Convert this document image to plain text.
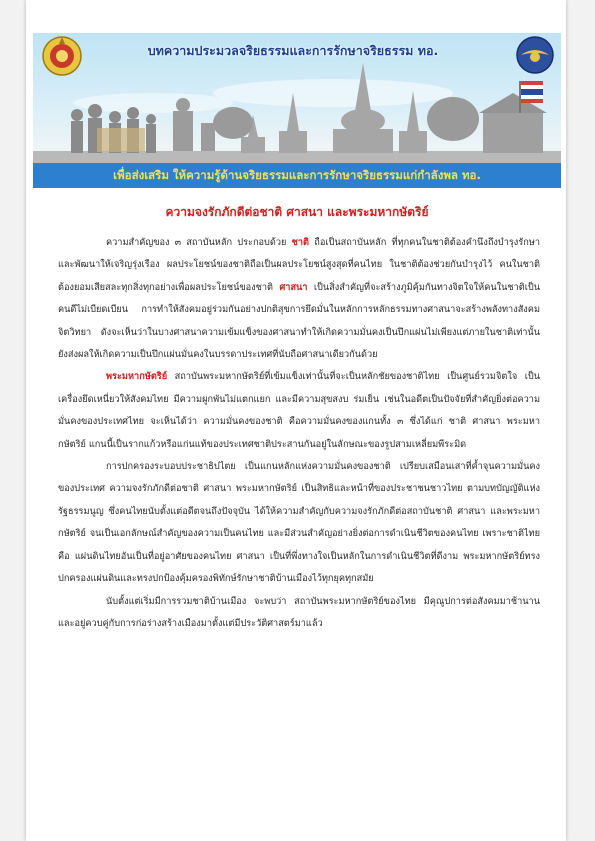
บทความประมวลจริยธรรมและการรักษาจริยธรรม ทอ.
เพื่อส่งเสริม ให้ความรู้ด้านจริยธรรมและการรักษาจริยธรรมแก่กำลังพล ทอ.
ความจงรักภักดีต่อชาติ ศาสนา และพระมหากษัตริย์

ความสำคัญของ ๓ สถาบันหลัก ประกอบด้วย ชาติ ถือเป็นสถาบันหลัก ที่ทุกคนในชาติต้องคำนึงถึงบำรุงรักษาและพัฒนาให้เจริญรุ่งเรือง ผลประโยชน์ของชาติถือเป็นผลประโยชน์สูงสุดที่คนไทย ในชาติต้องช่วยกันบำรุงไว้ คนในชาติต้องยอมเสียสละทุกสิ่งทุกอย่างเพื่อผลประโยชน์ของชาติ ศาสนา เป็นสิ่งสำคัญที่จะสร้างภูมิคุ้มกันทางจิตใจให้คนในชาติเป็นคนดีไม่เบียดเบียน การทำให้สังคมอยู่ร่วมกันอย่างปกติสุขการยึดมั่นในหลักการหลักธรรมทางศาสนาจะสร้างพลังทางสังคมจิตวิทยา ดังจะเห็นว่าในบางศาสนาความเข้มแข็งของศาสนาทำให้เกิดความมั่นคงเป็นปึกแผ่นไม่เพียงแต่ภายในชาติเท่านั้น ยังส่งผลให้เกิดความเป็นปึกแผ่นมั่นคงในบรรดาประเทศที่นับถือศาสนาเดียวกันด้วย

พระมหากษัตริย์ สถาบันพระมหากษัตริย์ที่เข้มแข็งเท่านั้นที่จะเป็นหลักชัยของชาติไทย เป็นศูนย์รวมจิตใจ เป็นเครื่องยึดเหนี่ยวให้สังคมไทย มีความผูกพันไม่แตกแยก และมีความสุขสงบ ร่มเย็น เช่นในอดีตเป็นปัจจัยที่สำคัญยิ่งต่อความมั่นคงของประเทศไทย จะเห็นได้ว่า ความมั่นคงของชาติ คือความมั่นคงของแกนทั้ง ๓ ซึ่งได้แก่ ชาติ ศาสนา พระมหากษัตริย์ แกนนี้เป็นรากแก้วหรือแก่นแท้ของประเทศชาติประสานกันอยู่ในลักษณะของรูปสามเหลี่ยมพีระมิด

การปกครองระบอบประชาธิปไตย เป็นแกนหลักแห่งความมั่นคงของชาติ เปรียบเสมือนเสาที่ค้ำจุนความมั่นคงของประเทศ ความจงรักภักดีต่อชาติ ศาสนา พระมหากษัตริย์ เป็นสิทธิและหน้าที่ของประชาชนชาวไทย ตามบทบัญญัติแห่งรัฐธรรมนูญ ซึ่งคนไทยนับตั้งแต่อดีตจนถึงปัจจุบัน ได้ให้ความสำคัญกับความจงรักภักดีต่อสถาบันชาติ ศาสนา และพระมหากษัตริย์ จนเป็นเอกลักษณ์สำคัญของความเป็นคนไทย และมีส่วนสำคัญอย่างยิ่งต่อการดำเนินชีวิตของคนไทย เพราะชาติไทย คือ แผ่นดินไทยอันเป็นที่อยู่อาศัยของคนไทย ศาสนา เป็นที่พึ่งทางใจเป็นหลักในการดำเนินชีวิตที่ดีงาม พระมหากษัตริย์ทรงปกครองแผ่นดินและทรงปกป้องคุ้มครองพิทักษ์รักษาชาติบ้านเมืองไว้ทุกยุคทุกสมัย

นับตั้งแต่เริ่มมีการรวมชาติบ้านเมือง จะพบว่า สถาบันพระมหากษัตริย์ของไทย มีคุณูปการต่อสังคมมาช้านาน และอยู่ควบคู่กับการก่อร่างสร้างเมืองมาตั้งแต่มีประวัติศาสตร์มาแล้ว
